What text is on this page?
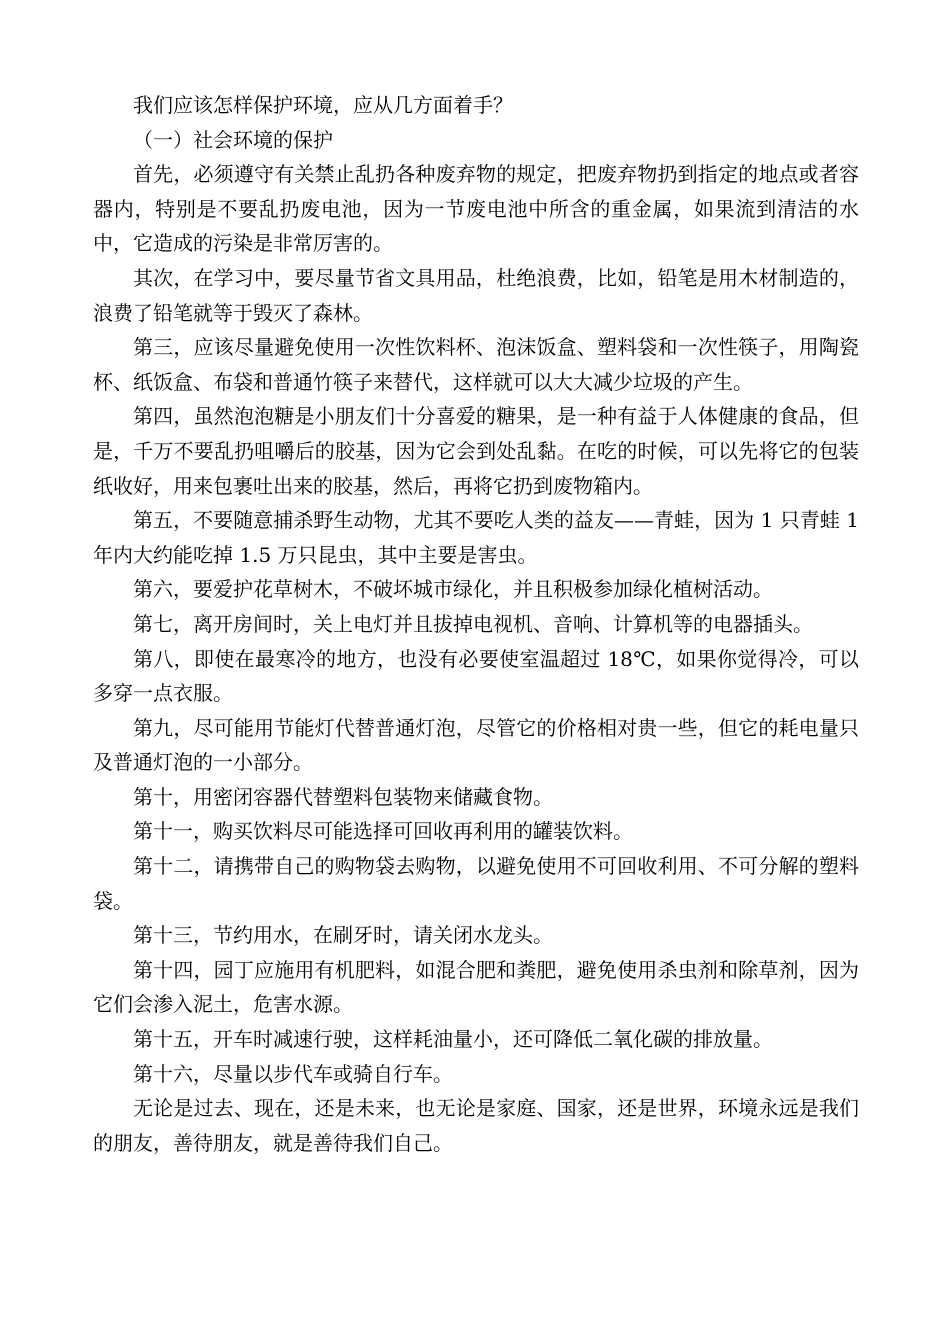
我们应该怎样保护环境，应从几方面着手？

（一）社会环境的保护

首先，必须遵守有关禁止乱扔各种废弃物的规定，把废弃物扔到指定的地点或者容器内，特别是不要乱扔废电池，因为一节废电池中所含的重金属，如果流到清洁的水中，它造成的污染是非常厉害的。

其次，在学习中，要尽量节省文具用品，杜绝浪费，比如，铅笔是用木材制造的，浪费了铅笔就等于毁灭了森林。

第三，应该尽量避免使用一次性饮料杯、泡沫饭盒、塑料袋和一次性筷子，用陶瓷杯、纸饭盒、布袋和普通竹筷子来替代，这样就可以大大减少垃圾的产生。

第四，虽然泡泡糖是小朋友们十分喜爱的糖果，是一种有益于人体健康的食品，但是，千万不要乱扔咀嚼后的胶基，因为它会到处乱黏。在吃的时候，可以先将它的包装纸收好，用来包裹吐出来的胶基，然后，再将它扔到废物箱内。

第五，不要随意捕杀野生动物，尤其不要吃人类的益友——青蛙，因为 1 只青蛙 1 年内大约能吃掉 1.5 万只昆虫，其中主要是害虫。

第六，要爱护花草树木，不破坏城市绿化，并且积极参加绿化植树活动。

第七，离开房间时，关上电灯并且拔掉电视机、音响、计算机等的电器插头。

第八，即使在最寒冷的地方，也没有必要使室温超过 18℃，如果你觉得冷，可以多穿一点衣服。

第九，尽可能用节能灯代替普通灯泡，尽管它的价格相对贵一些，但它的耗电量只及普通灯泡的一小部分。

第十，用密闭容器代替塑料包装物来储藏食物。

第十一，购买饮料尽可能选择可回收再利用的罐装饮料。

第十二，请携带自己的购物袋去购物，以避免使用不可回收利用、不可分解的塑料袋。

第十三，节约用水，在刷牙时，请关闭水龙头。

第十四，园丁应施用有机肥料，如混合肥和粪肥，避免使用杀虫剂和除草剂，因为它们会渗入泥土，危害水源。

第十五，开车时减速行驶，这样耗油量小，还可降低二氧化碳的排放量。

第十六，尽量以步代车或骑自行车。

无论是过去、现在，还是未来，也无论是家庭、国家，还是世界，环境永远是我们的朋友，善待朋友，就是善待我们自己。
